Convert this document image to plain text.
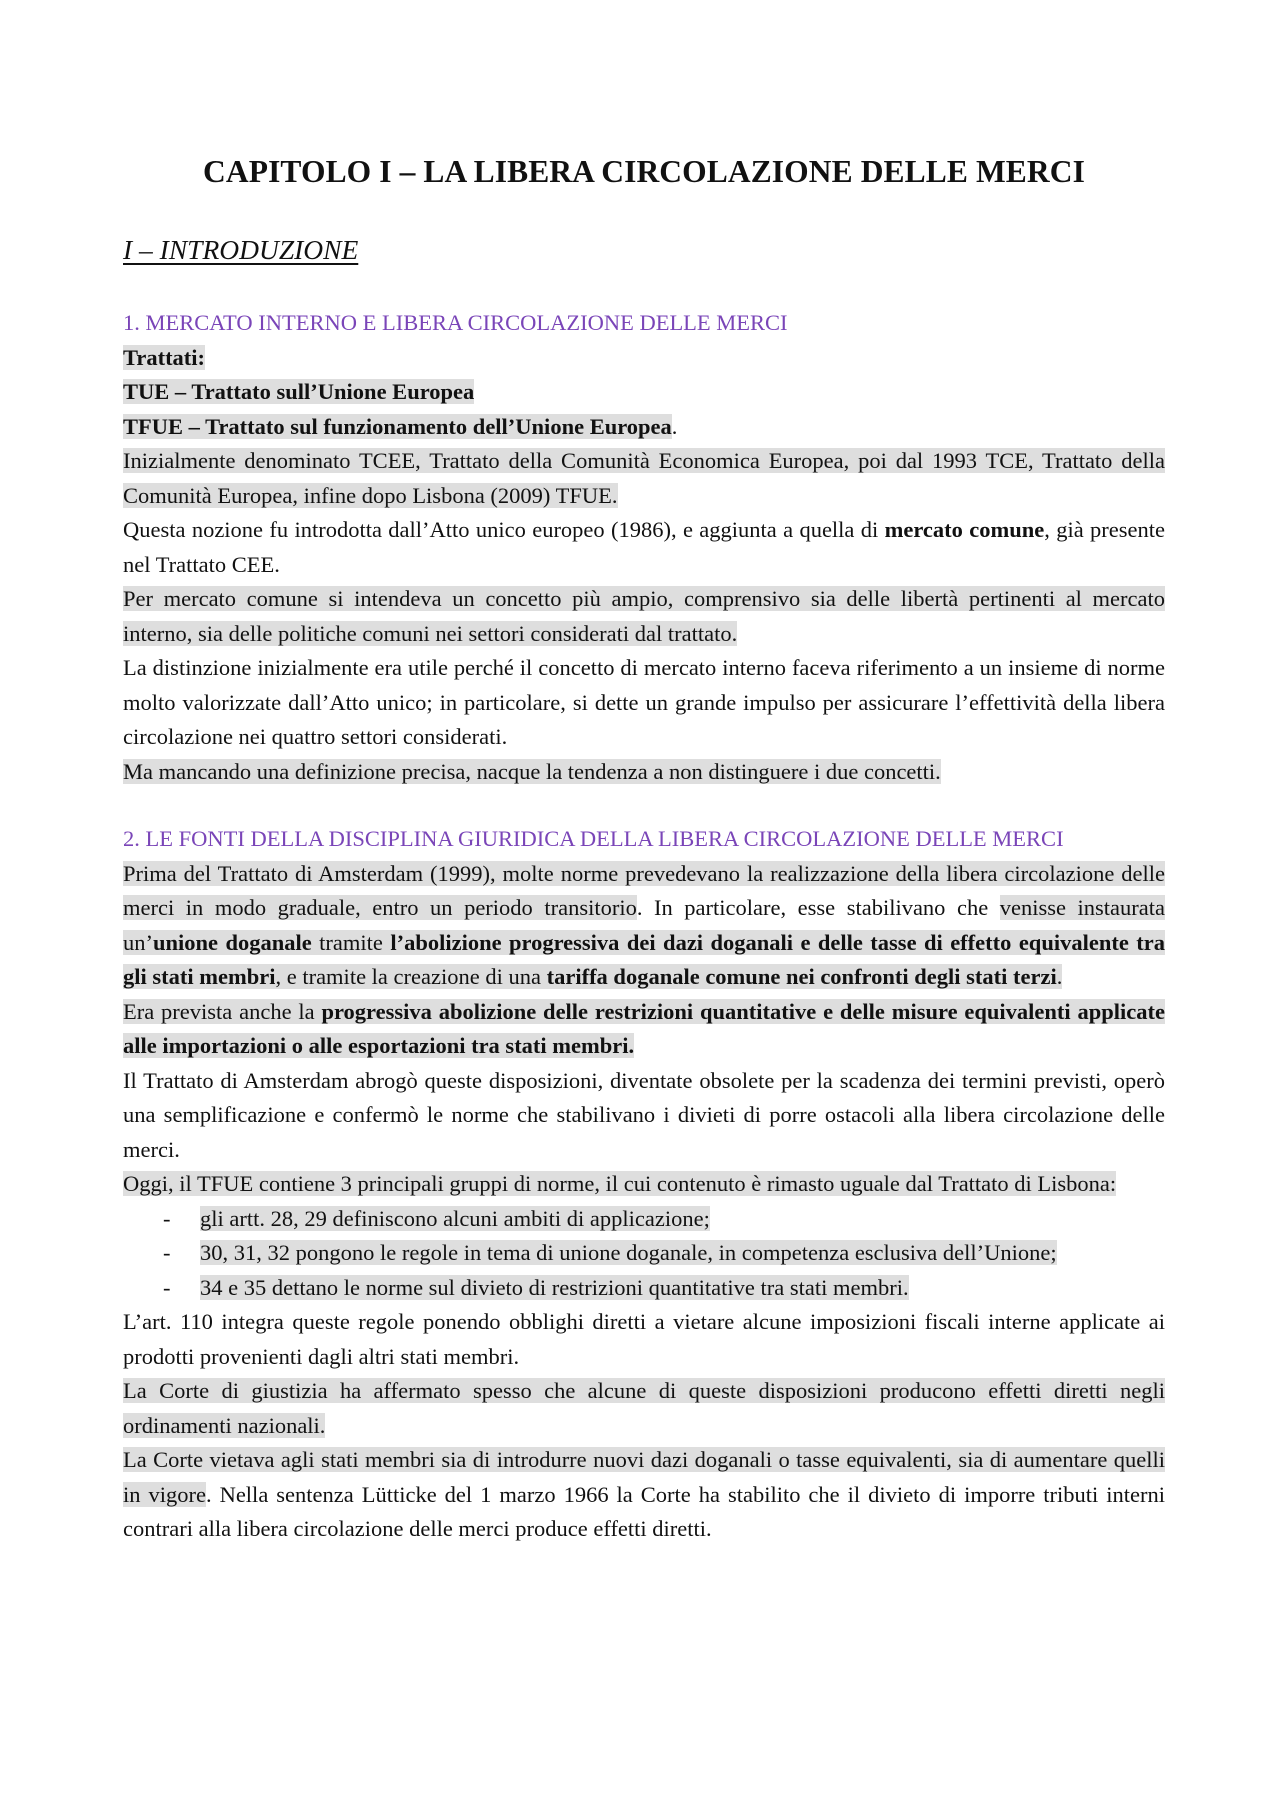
CAPITOLO I – LA LIBERA CIRCOLAZIONE DELLE MERCI
I – INTRODUZIONE
1. MERCATO INTERNO E LIBERA CIRCOLAZIONE DELLE MERCI

Trattati:

TUE – Trattato sull’Unione Europea

TFUE – Trattato sul funzionamento dell’Unione Europea.

Inizialmente denominato TCEE, Trattato della Comunità Economica Europea, poi dal 1993 TCE, Trattato della Comunità Europea, infine dopo Lisbona (2009) TFUE.

Questa nozione fu introdotta dall’Atto unico europeo (1986), e aggiunta a quella di mercato comune, già presente nel Trattato CEE.

Per mercato comune si intendeva un concetto più ampio, comprensivo sia delle libertà pertinenti al mercato interno, sia delle politiche comuni nei settori considerati dal trattato.

La distinzione inizialmente era utile perché il concetto di mercato interno faceva riferimento a un insieme di norme molto valorizzate dall’Atto unico; in particolare, si dette un grande impulso per assicurare l’effettività della libera circolazione nei quattro settori considerati.

Ma mancando una definizione precisa, nacque la tendenza a non distinguere i due concetti.

2. LE FONTI DELLA DISCIPLINA GIURIDICA DELLA LIBERA CIRCOLAZIONE DELLE MERCI

Prima del Trattato di Amsterdam (1999), molte norme prevedevano la realizzazione della libera circolazione delle merci in modo graduale, entro un periodo transitorio. In particolare, esse stabilivano che venisse instaurata un’unione doganale tramite l’abolizione progressiva dei dazi doganali e delle tasse di effetto equivalente tra gli stati membri, e tramite la creazione di una tariffa doganale comune nei confronti degli stati terzi.

Era prevista anche la progressiva abolizione delle restrizioni quantitative e delle misure equivalenti applicate alle importazioni o alle esportazioni tra stati membri.

Il Trattato di Amsterdam abrogò queste disposizioni, diventate obsolete per la scadenza dei termini previsti, operò una semplificazione e confermò le norme che stabilivano i divieti di porre ostacoli alla libera circolazione delle merci.

Oggi, il TFUE contiene 3 principali gruppi di norme, il cui contenuto è rimasto uguale dal Trattato di Lisbona:

- gli artt. 28, 29 definiscono alcuni ambiti di applicazione;
- 30, 31, 32 pongono le regole in tema di unione doganale, in competenza esclusiva dell’Unione;
- 34 e 35 dettano le norme sul divieto di restrizioni quantitative tra stati membri.

L’art. 110 integra queste regole ponendo obblighi diretti a vietare alcune imposizioni fiscali interne applicate ai prodotti provenienti dagli altri stati membri.

La Corte di giustizia ha affermato spesso che alcune di queste disposizioni producono effetti diretti negli ordinamenti nazionali.

La Corte vietava agli stati membri sia di introdurre nuovi dazi doganali o tasse equivalenti, sia di aumentare quelli in vigore. Nella sentenza Lütticke del 1 marzo 1966 la Corte ha stabilito che il divieto di imporre tributi interni contrari alla libera circolazione delle merci produce effetti diretti.
